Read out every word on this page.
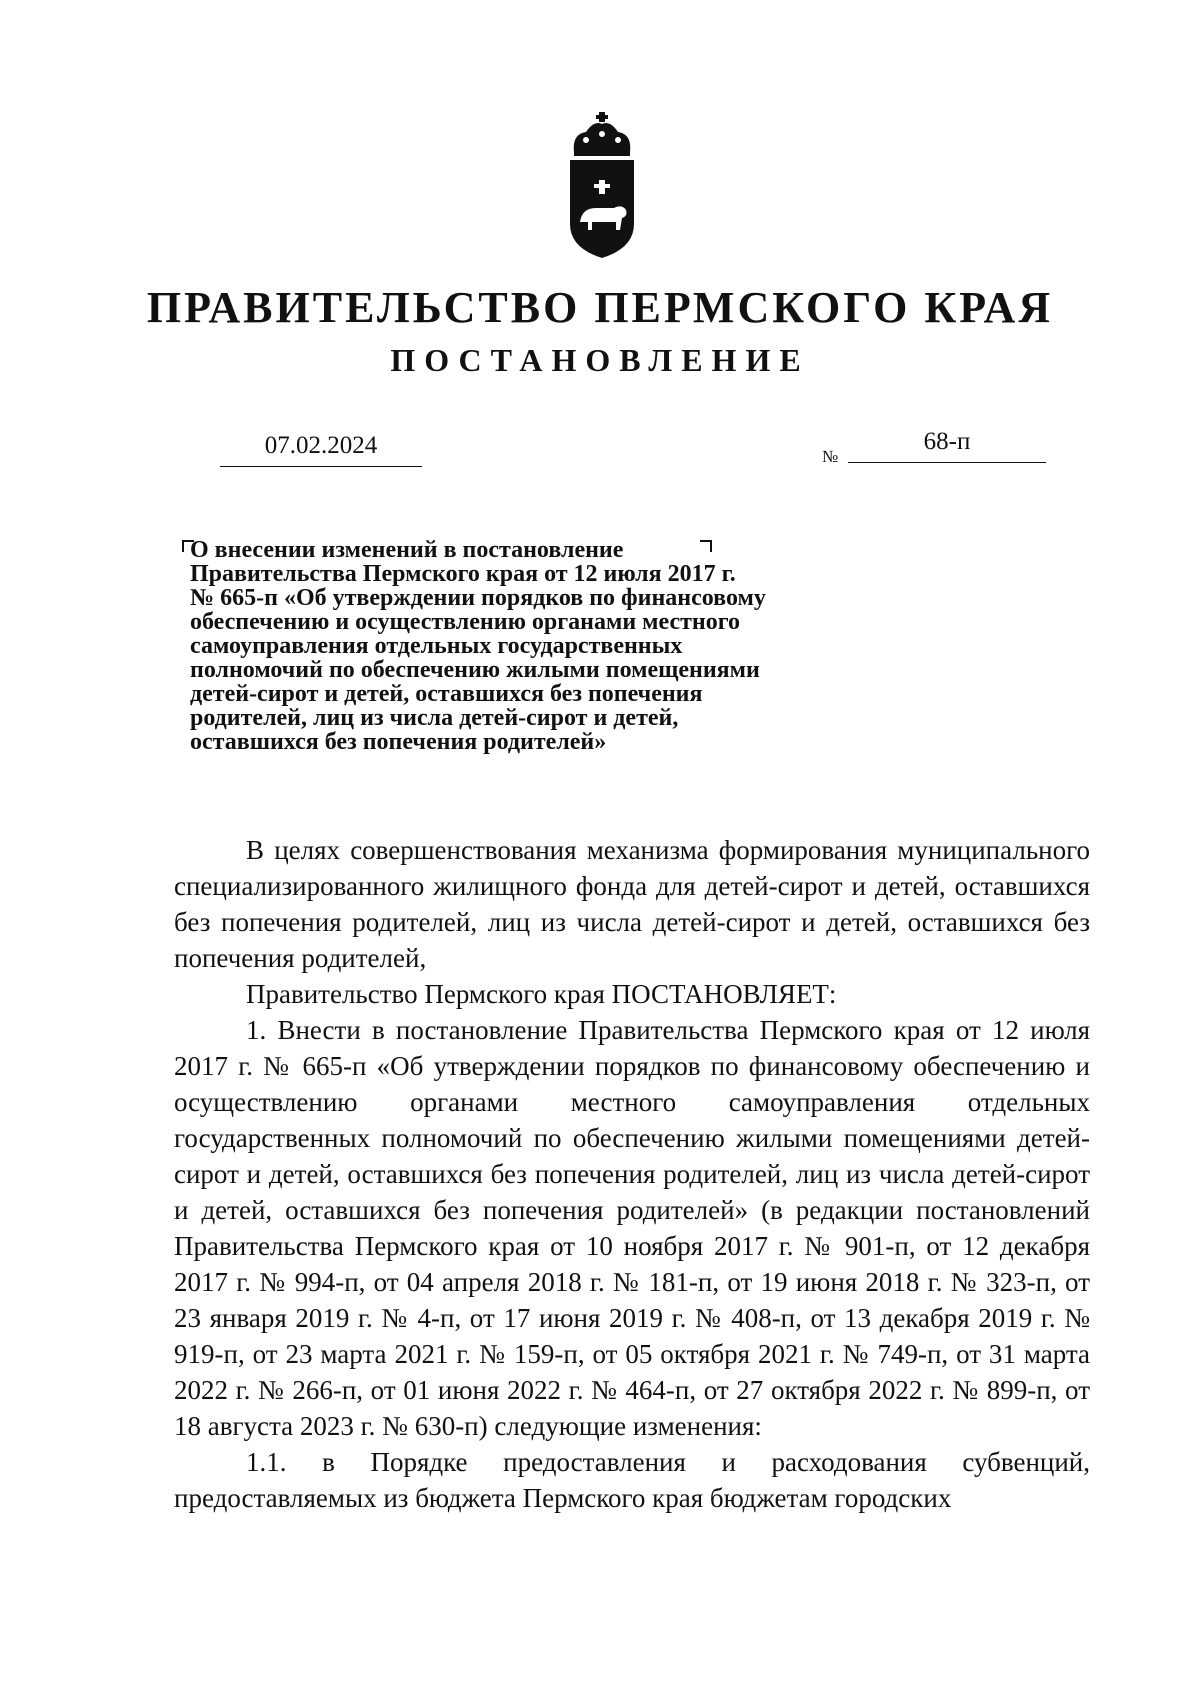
ПРАВИТЕЛЬСТВО ПЕРМСКОГО КРАЯ
ПОСТАНОВЛЕНИЕ
07.02.2024	№
68-п
О внесении изменений в постановление
Правительства Пермского края от 12 июля 2017 г.
№ 665-п «Об утверждении порядков по финансовому
обеспечению и осуществлению органами местного
самоуправления отдельных государственных
полномочий по обеспечению жилыми помещениями
детей-сирот и детей, оставшихся без попечения
родителей, лиц из числа детей-сирот и детей,
оставшихся без попечения родителей»

В целях совершенствования механизма формирования муниципального специализированного жилищного фонда для детей-сирот и детей, оставшихся без попечения родителей, лиц из числа детей-сирот и детей, оставшихся без попечения родителей,

Правительство Пермского края ПОСТАНОВЛЯЕТ:

1. Внести в постановление Правительства Пермского края от 12 июля 2017 г. № 665-п «Об утверждении порядков по финансовому обеспечению и осуществлению органами местного самоуправления отдельных государственных полномочий по обеспечению жилыми помещениями детей-сирот и детей, оставшихся без попечения родителей, лиц из числа детей-сирот и детей, оставшихся без попечения родителей» (в редакции постановлений Правительства Пермского края от 10 ноября 2017 г. № 901-п, от 12 декабря 2017 г. № 994-п, от 04 апреля 2018 г. № 181-п, от 19 июня 2018 г. № 323-п, от 23 января 2019 г. № 4-п, от 17 июня 2019 г. № 408-п, от 13 декабря 2019 г. № 919-п, от 23 марта 2021 г. № 159-п, от 05 октября 2021 г. № 749-п, от 31 марта 2022 г. № 266-п, от 01 июня 2022 г. № 464-п, от 27 октября 2022 г. № 899-п, от 18 августа 2023 г. № 630-п) следующие изменения:

1.1. в Порядке предоставления и расходования субвенций, предоставляемых из бюджета Пермского края бюджетам городских
